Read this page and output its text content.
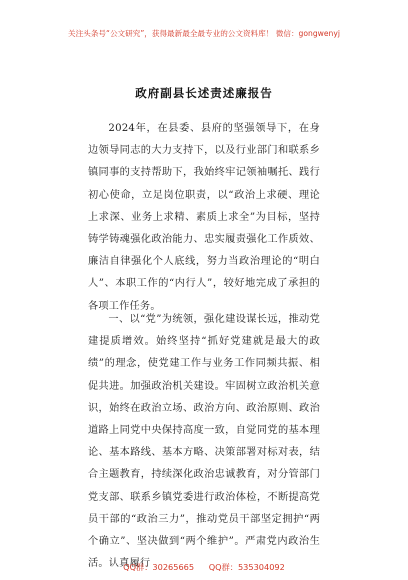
关注头条号“公文研究”，获得最新最全最专业的公文资料库！ 微信：gongwenyj
政府副县长述责述廉报告

2024年，在县委、县府的坚强领导下，在身边领导同志的大力支持下，以及行业部门和联系乡镇同事的支持帮助下，我始终牢记领袖嘱托、践行初心使命，立足岗位职责，以“政治上求硬、理论上求深、业务上求精、素质上求全”为目标，坚持铸学铸魂强化政治能力、忠实履责强化工作质效、廉洁自律强化个人底线，努力当政治理论的“明白人”、本职工作的“内行人”，较好地完成了承担的各项工作任务。

一、以“党”为统领，强化建设谋长远，推动党建提质增效。始终坚持“抓好党建就是最大的政绩”的理念，使党建工作与业务工作同频共振、相促共进。加强政治机关建设。牢固树立政治机关意识，始终在政治立场、政治方向、政治原则、政治道路上同党中央保持高度一致，自觉同党的基本理论、基本路线、基本方略、决策部署对标对表，结合主题教育，持续深化政治忠诚教育，对分管部门党支部、联系乡镇党委进行政治体检，不断提高党员干部的“政治三力”，推动党员干部坚定拥护“两个确立”、坚决做到“两个维护”。严肃党内政治生活。认真履行

QQ群：30265665 QQ群：535304092
